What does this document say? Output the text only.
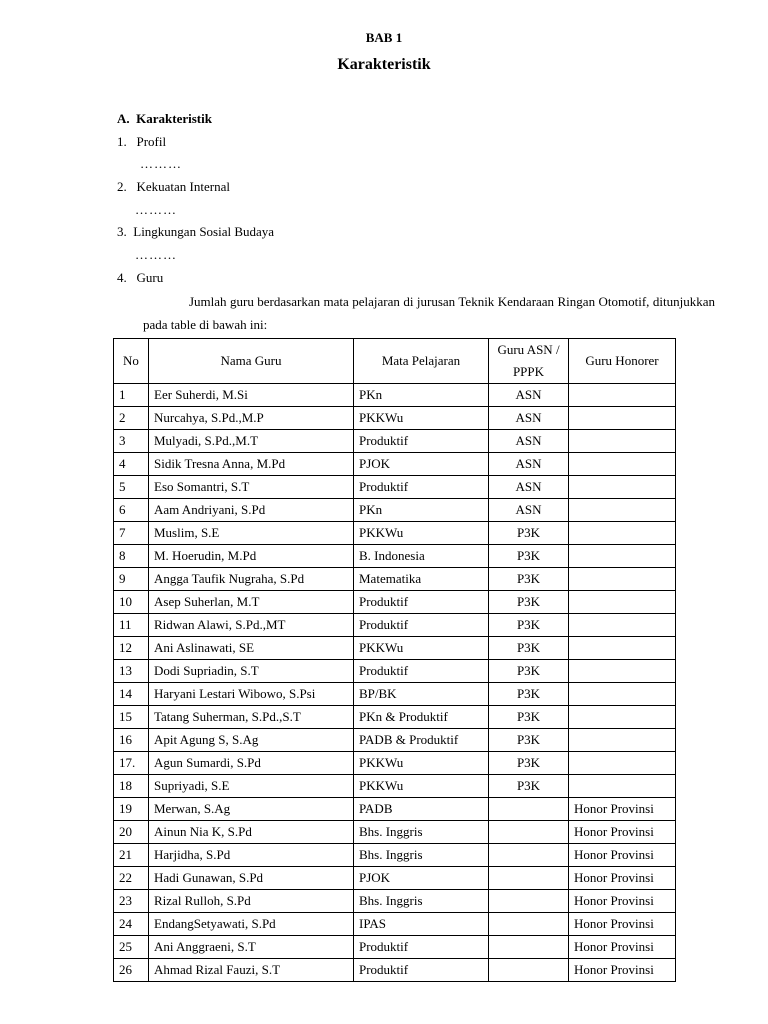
BAB 1
Karakteristik
A. Karakteristik
1. Profil
………
2. Kekuatan Internal
………
3. Lingkungan Sosial Budaya
………
4. Guru
Jumlah guru berdasarkan mata pelajaran di jurusan Teknik Kendaraan Ringan Otomotif, ditunjukkan pada table di bawah ini:
No	Nama Guru	Mata Pelajaran	Guru ASN / PPPK	Guru Honorer
1	Eer Suherdi, M.Si	PKn	ASN	
2	Nurcahya, S.Pd.,M.P	PKKWu	ASN	
3	Mulyadi, S.Pd.,M.T	Produktif	ASN	
4	Sidik Tresna Anna, M.Pd	PJOK	ASN	
5	Eso Somantri, S.T	Produktif	ASN	
6	Aam Andriyani, S.Pd	PKn	ASN	
7	Muslim, S.E	PKKWu	P3K	
8	M. Hoerudin, M.Pd	B. Indonesia	P3K	
9	Angga Taufik Nugraha, S.Pd	Matematika	P3K	
10	Asep Suherlan, M.T	Produktif	P3K	
11	Ridwan Alawi, S.Pd.,MT	Produktif	P3K	
12	Ani Aslinawati, SE	PKKWu	P3K	
13	Dodi Supriadin, S.T	Produktif	P3K	
14	Haryani Lestari Wibowo, S.Psi	BP/BK	P3K	
15	Tatang Suherman, S.Pd.,S.T	PKn & Produktif	P3K	
16	Apit Agung S, S.Ag	PADB & Produktif	P3K	
17.	Agun Sumardi, S.Pd	PKKWu	P3K	
18	Supriyadi, S.E	PKKWu	P3K	
19	Merwan, S.Ag	PADB		Honor Provinsi
20	Ainun Nia K, S.Pd	Bhs. Inggris		Honor Provinsi
21	Harjidha, S.Pd	Bhs. Inggris		Honor Provinsi
22	Hadi Gunawan, S.Pd	PJOK		Honor Provinsi
23	Rizal Rulloh, S.Pd	Bhs. Inggris		Honor Provinsi
24	EndangSetyawati, S.Pd	IPAS		Honor Provinsi
25	Ani Anggraeni, S.T	Produktif		Honor Provinsi
26	Ahmad Rizal Fauzi, S.T	Produktif		Honor Provinsi
